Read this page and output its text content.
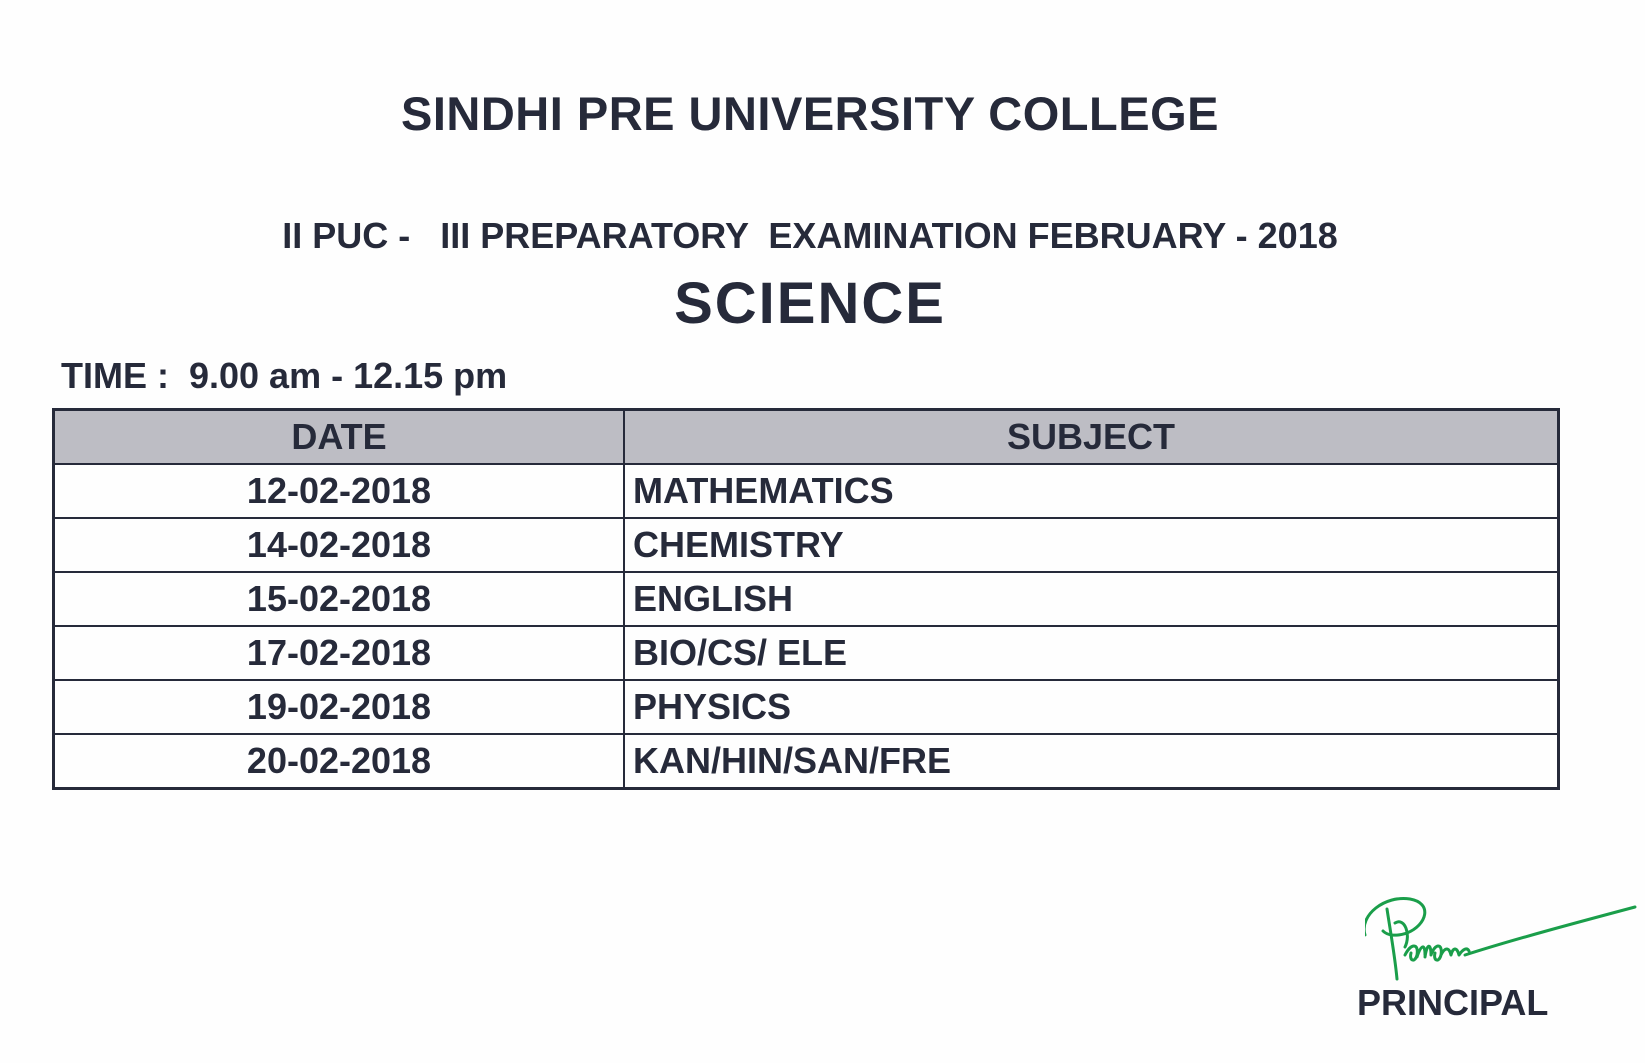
SINDHI PRE UNIVERSITY COLLEGE
II PUC -   III PREPARATORY  EXAMINATION FEBRUARY - 2018
SCIENCE
TIME :  9.00 am - 12.15 pm
DATE	SUBJECT
12-02-2018	MATHEMATICS
14-02-2018	CHEMISTRY
15-02-2018	ENGLISH
17-02-2018	BIO/CS/ ELE
19-02-2018	PHYSICS
20-02-2018	KAN/HIN/SAN/FRE
PRINCIPAL
